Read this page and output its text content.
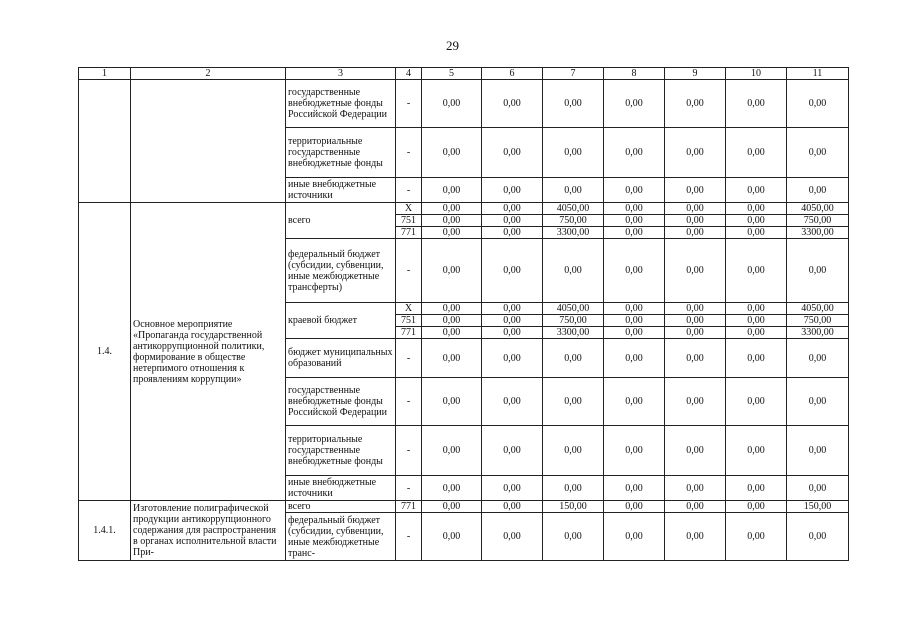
29
1	2	3	4	5	6	7	8	9	10	11
		государственные внебюджетные фонды Российской Федерации	-	0,00	0,00	0,00	0,00	0,00	0,00	0,00
		территориальные государственные внебюджетные фонды	-	0,00	0,00	0,00	0,00	0,00	0,00	0,00
		иные внебюджетные источники	-	0,00	0,00	0,00	0,00	0,00	0,00	0,00
1.4.	Основное мероприятие «Пропаганда государственной антикоррупционной политики, формирование в обществе нетерпимого отношения к проявлениям коррупции»	всего	Х	0,00	0,00	4050,00	0,00	0,00	0,00	4050,00
			751	0,00	0,00	750,00	0,00	0,00	0,00	750,00
			771	0,00	0,00	3300,00	0,00	0,00	0,00	3300,00
		федеральный бюджет (субсидии, субвенции, иные межбюджетные трансферты)	-	0,00	0,00	0,00	0,00	0,00	0,00	0,00
		краевой бюджет	Х	0,00	0,00	4050,00	0,00	0,00	0,00	4050,00
			751	0,00	0,00	750,00	0,00	0,00	0,00	750,00
			771	0,00	0,00	3300,00	0,00	0,00	0,00	3300,00
		бюджет муниципальных образований	-	0,00	0,00	0,00	0,00	0,00	0,00	0,00
		государственные внебюджетные фонды Российской Федерации	-	0,00	0,00	0,00	0,00	0,00	0,00	0,00
		территориальные государственные внебюджетные фонды	-	0,00	0,00	0,00	0,00	0,00	0,00	0,00
		иные внебюджетные источники	-	0,00	0,00	0,00	0,00	0,00	0,00	0,00
1.4.1.	Изготовление полиграфической продукции антикоррупционного содержания для распространения в органах исполнительной власти При-	всего	771	0,00	0,00	150,00	0,00	0,00	0,00	150,00
		федеральный бюджет (субсидии, субвенции, иные межбюджетные транс-	-	0,00	0,00	0,00	0,00	0,00	0,00	0,00
